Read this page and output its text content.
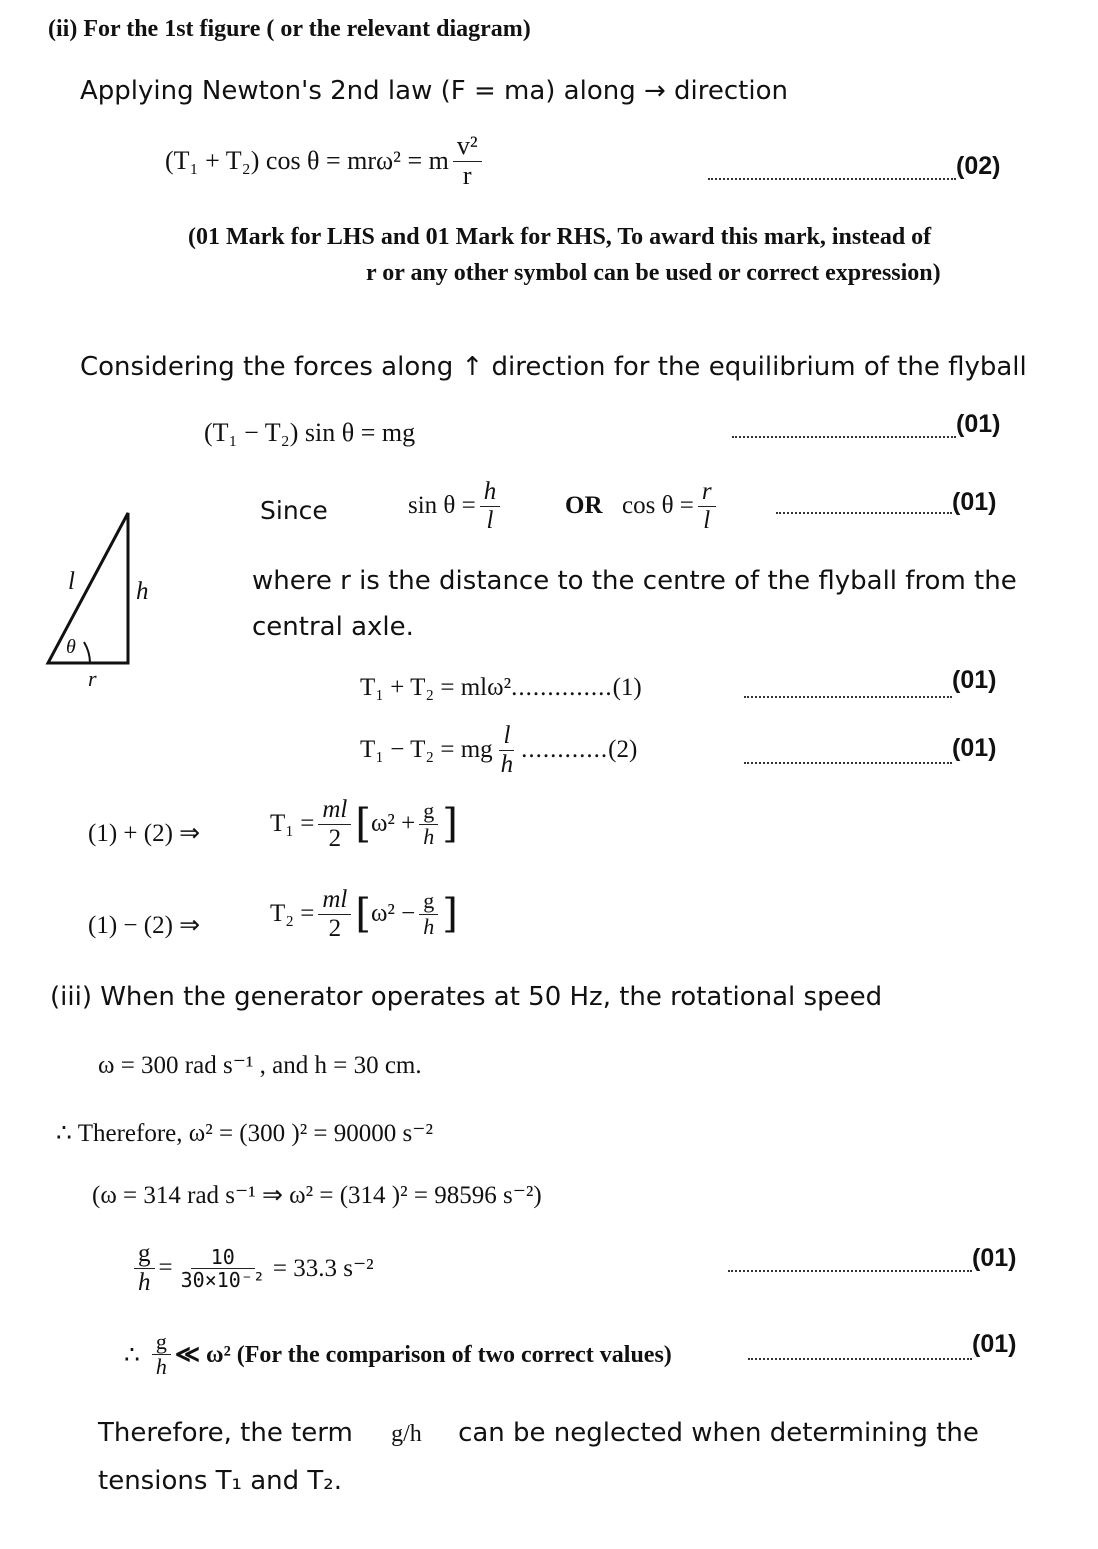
(ii) For the 1st figure ( or the relevant diagram)
Applying Newton's 2nd law (F = ma) along → direction
(T₁ + T₂) cos θ = mrω² = m $\frac{\text{v²}}{r}$	(02)
(01 Mark for LHS and 01 Mark for RHS, To award this mark, instead of
r or any other symbol can be used or correct expression)
Considering the forces along ↑ direction for the equilibrium of the flyball
(T₁ − T₂) sin θ = mg	(01)
Since	$\sin \theta = \frac{h}{l}$	OR $\cos \theta = \frac{r}{l}$	(01)
l h
θ
r
where r is the distance to the centre of the flyball from the
central axle.
T₁ + T₂ = mlω²..............(1)	(01)
T₁ − T₂ = mg $\frac{l}{h}$ ............ (2)	(01)
(1) + (2) ⇒	$T_1 = \frac{ml}{2}$ [ $\omega^2 + \frac{g}{h}$ ]
(1) − (2) ⇒	$T_2 = \frac{ml}{2}$ [ $\omega^2 - \frac{g}{h}$ ]
(iii) When the generator operates at 50 Hz, the rotational speed
ω = 300 rad s⁻¹ , and h = 30 cm.
∴ Therefore, ω² = (300 )² = 90000 s⁻²
(ω = 314 rad s⁻¹ ⇒ ω² = (314 )² = 98596 s⁻²)
$\frac{g}{h} = \frac{10}{\text{30×10⁻²}} = 33.3$ s⁻²	(01)
∴ $\frac{g}{h}$ ≪ ω² (For the comparison of two correct values)	(01)
Therefore, the term g/h can be neglected when determining the
tensions T₁ and T₂.
